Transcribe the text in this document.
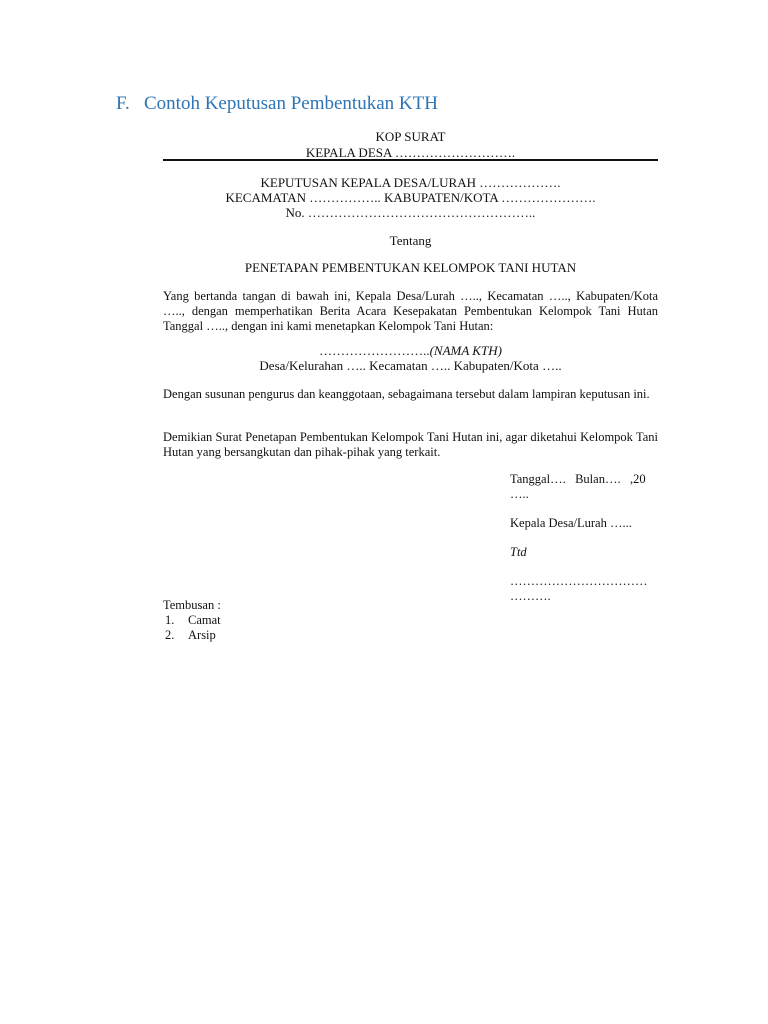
F. Contoh Keputusan Pembentukan KTH
KOP SURAT
KEPALA DESA ……………………….
KEPUTUSAN KEPALA DESA/LURAH ……………….
KECAMATAN …………….. KABUPATEN/KOTA ………………….
No. ……………………………………………..
Tentang
PENETAPAN PEMBENTUKAN KELOMPOK TANI HUTAN
Yang bertanda tangan di bawah ini, Kepala Desa/Lurah ….., Kecamatan ….., Kabupaten/Kota ….., dengan memperhatikan Berita Acara Kesepakatan Pembentukan Kelompok Tani Hutan Tanggal ….., dengan ini kami menetapkan Kelompok Tani Hutan:
……………………..(NAMA KTH)
Desa/Kelurahan ….. Kecamatan ….. Kabupaten/Kota …..
Dengan susunan pengurus dan keanggotaan, sebagaimana tersebut dalam lampiran keputusan ini.
Demikian Surat Penetapan Pembentukan Kelompok Tani Hutan ini, agar diketahui Kelompok Tani Hutan yang bersangkutan dan pihak-pihak yang terkait.
Tanggal….   Bulan….   ,20
…..
Kepala Desa/Lurah …...
Ttd
……………………………
……….
Tembusan :
1.	Camat
2.	Arsip
